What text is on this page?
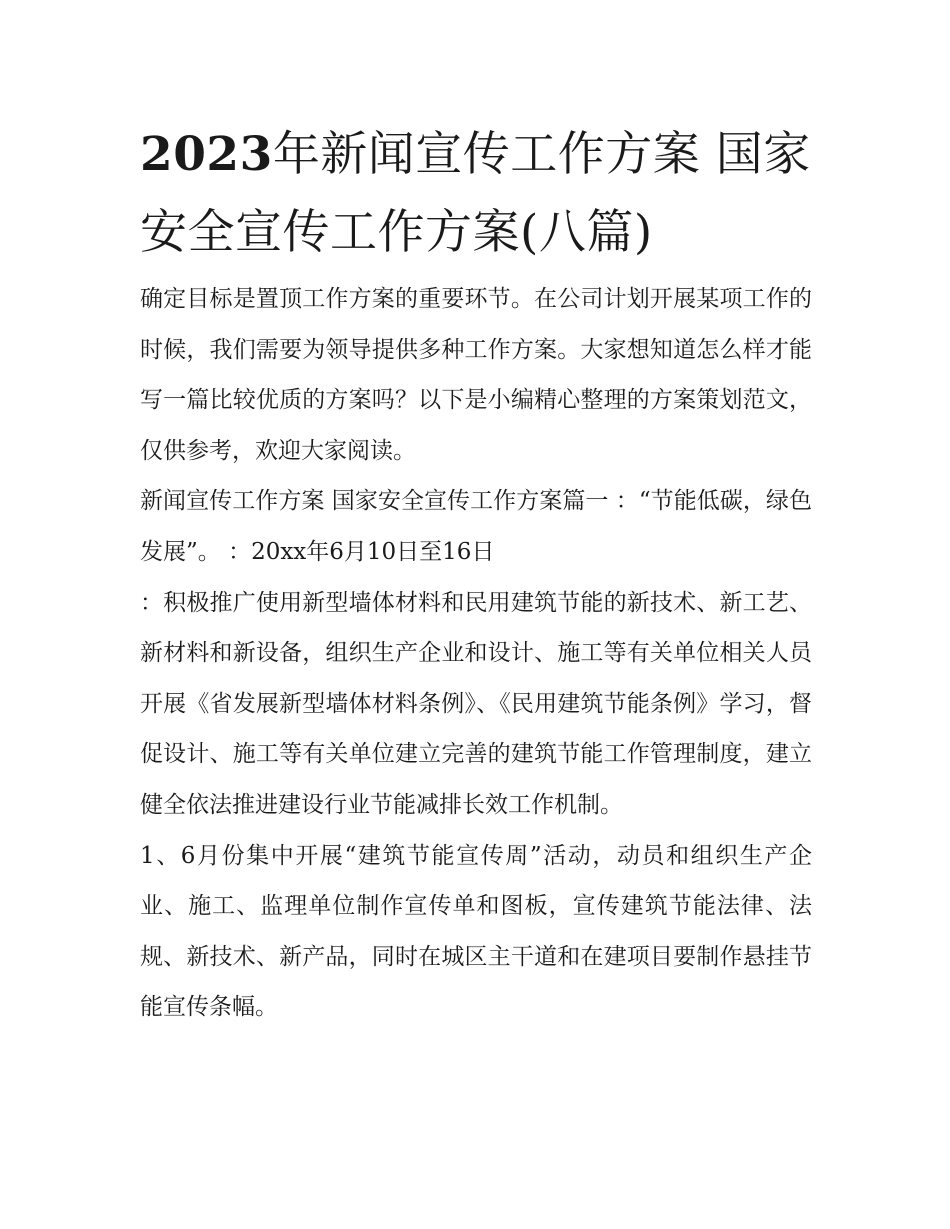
2023年新闻宣传工作方案 国家安全宣传工作方案(八篇)

确定目标是置顶工作方案的重要环节。在公司计划开展某项工作的时候，我们需要为领导提供多种工作方案。大家想知道怎么样才能写一篇比较优质的方案吗？以下是小编精心整理的方案策划范文，仅供参考，欢迎大家阅读。

新闻宣传工作方案 国家安全宣传工作方案篇一 ：“节能低碳，绿色发展”。 ：20xx年6月10日至16日

：积极推广使用新型墙体材料和民用建筑节能的新技术、新工艺、新材料和新设备，组织生产企业和设计、施工等有关单位相关人员开展《省发展新型墙体材料条例》、《民用建筑节能条例》学习，督促设计、施工等有关单位建立完善的建筑节能工作管理制度，建立健全依法推进建设行业节能减排长效工作机制。

1、6月份集中开展“建筑节能宣传周”活动，动员和组织生产企业、施工、监理单位制作宣传单和图板，宣传建筑节能法律、法规、新技术、新产品，同时在城区主干道和在建项目要制作悬挂节能宣传条幅。
